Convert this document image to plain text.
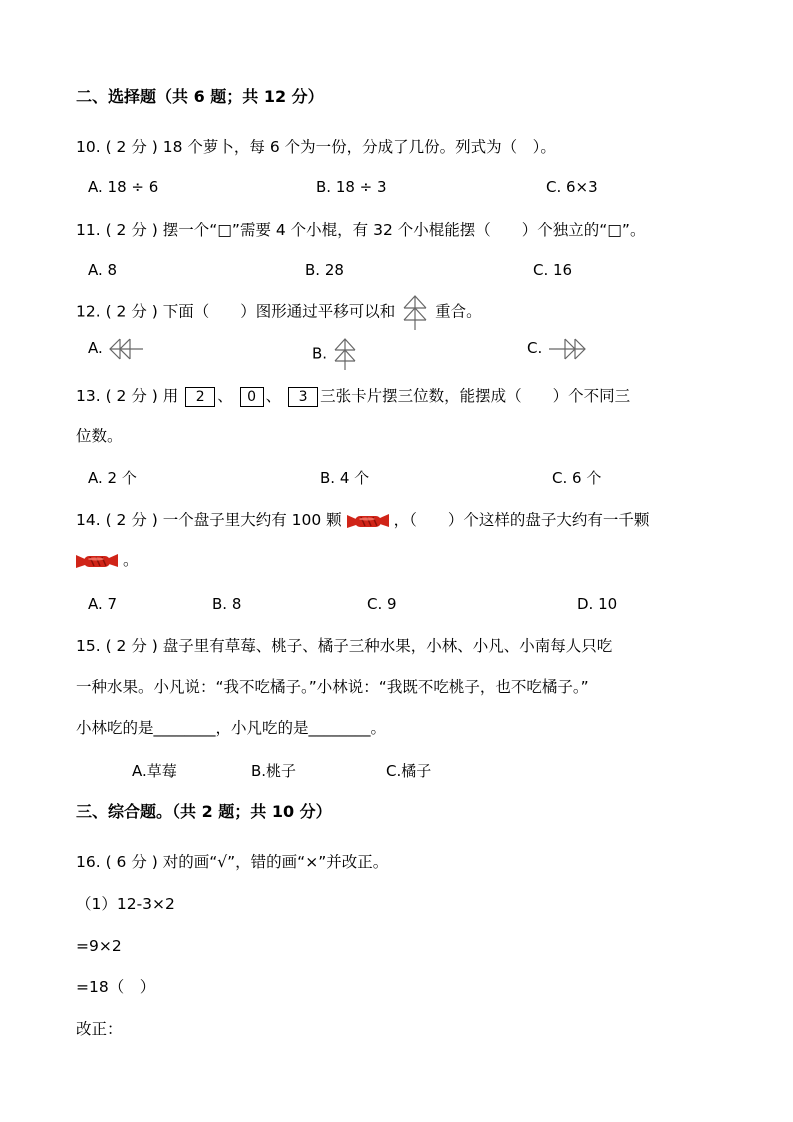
二、选择题（共 6 题；共 12 分）
10. ( 2 分 ) 18 个萝卜，每 6 个为一份，分成了几份。列式为（　）。
A. 18 ÷ 6	B. 18 ÷ 3	C. 6×3
11. ( 2 分 ) 摆一个“□”需要 4 个小棍，有 32 个小棍能摆（　　）个独立的“□”。
A. 8	B. 28	C. 16
12. ( 2 分 ) 下面（　　）图形通过平移可以和	重合。
A.	B.	C.
13. ( 2 分 ) 用 2 、 0 、 3 三张卡片摆三位数，能摆成（　　）个不同三
位数。
A. 2 个	B. 4 个	C. 6 个
14. ( 2 分 ) 一个盘子里大约有 100 颗	，（　　）个这样的盘子大约有一千颗
。
A. 7	B. 8	C. 9	D. 10
15. ( 2 分 ) 盘子里有草莓、桃子、橘子三种水果，小林、小凡、小南每人只吃
一种水果。小凡说：“我不吃橘子。”小林说：“我既不吃桃子，也不吃橘子。”
小林吃的是________，小凡吃的是________。
A.草莓	B.桃子	C.橘子
三、综合题。（共 2 题；共 10 分）
16. ( 6 分 ) 对的画“√”，错的画“×”并改正。
（1）12-3×2
=9×2
=18（　）
改正：
